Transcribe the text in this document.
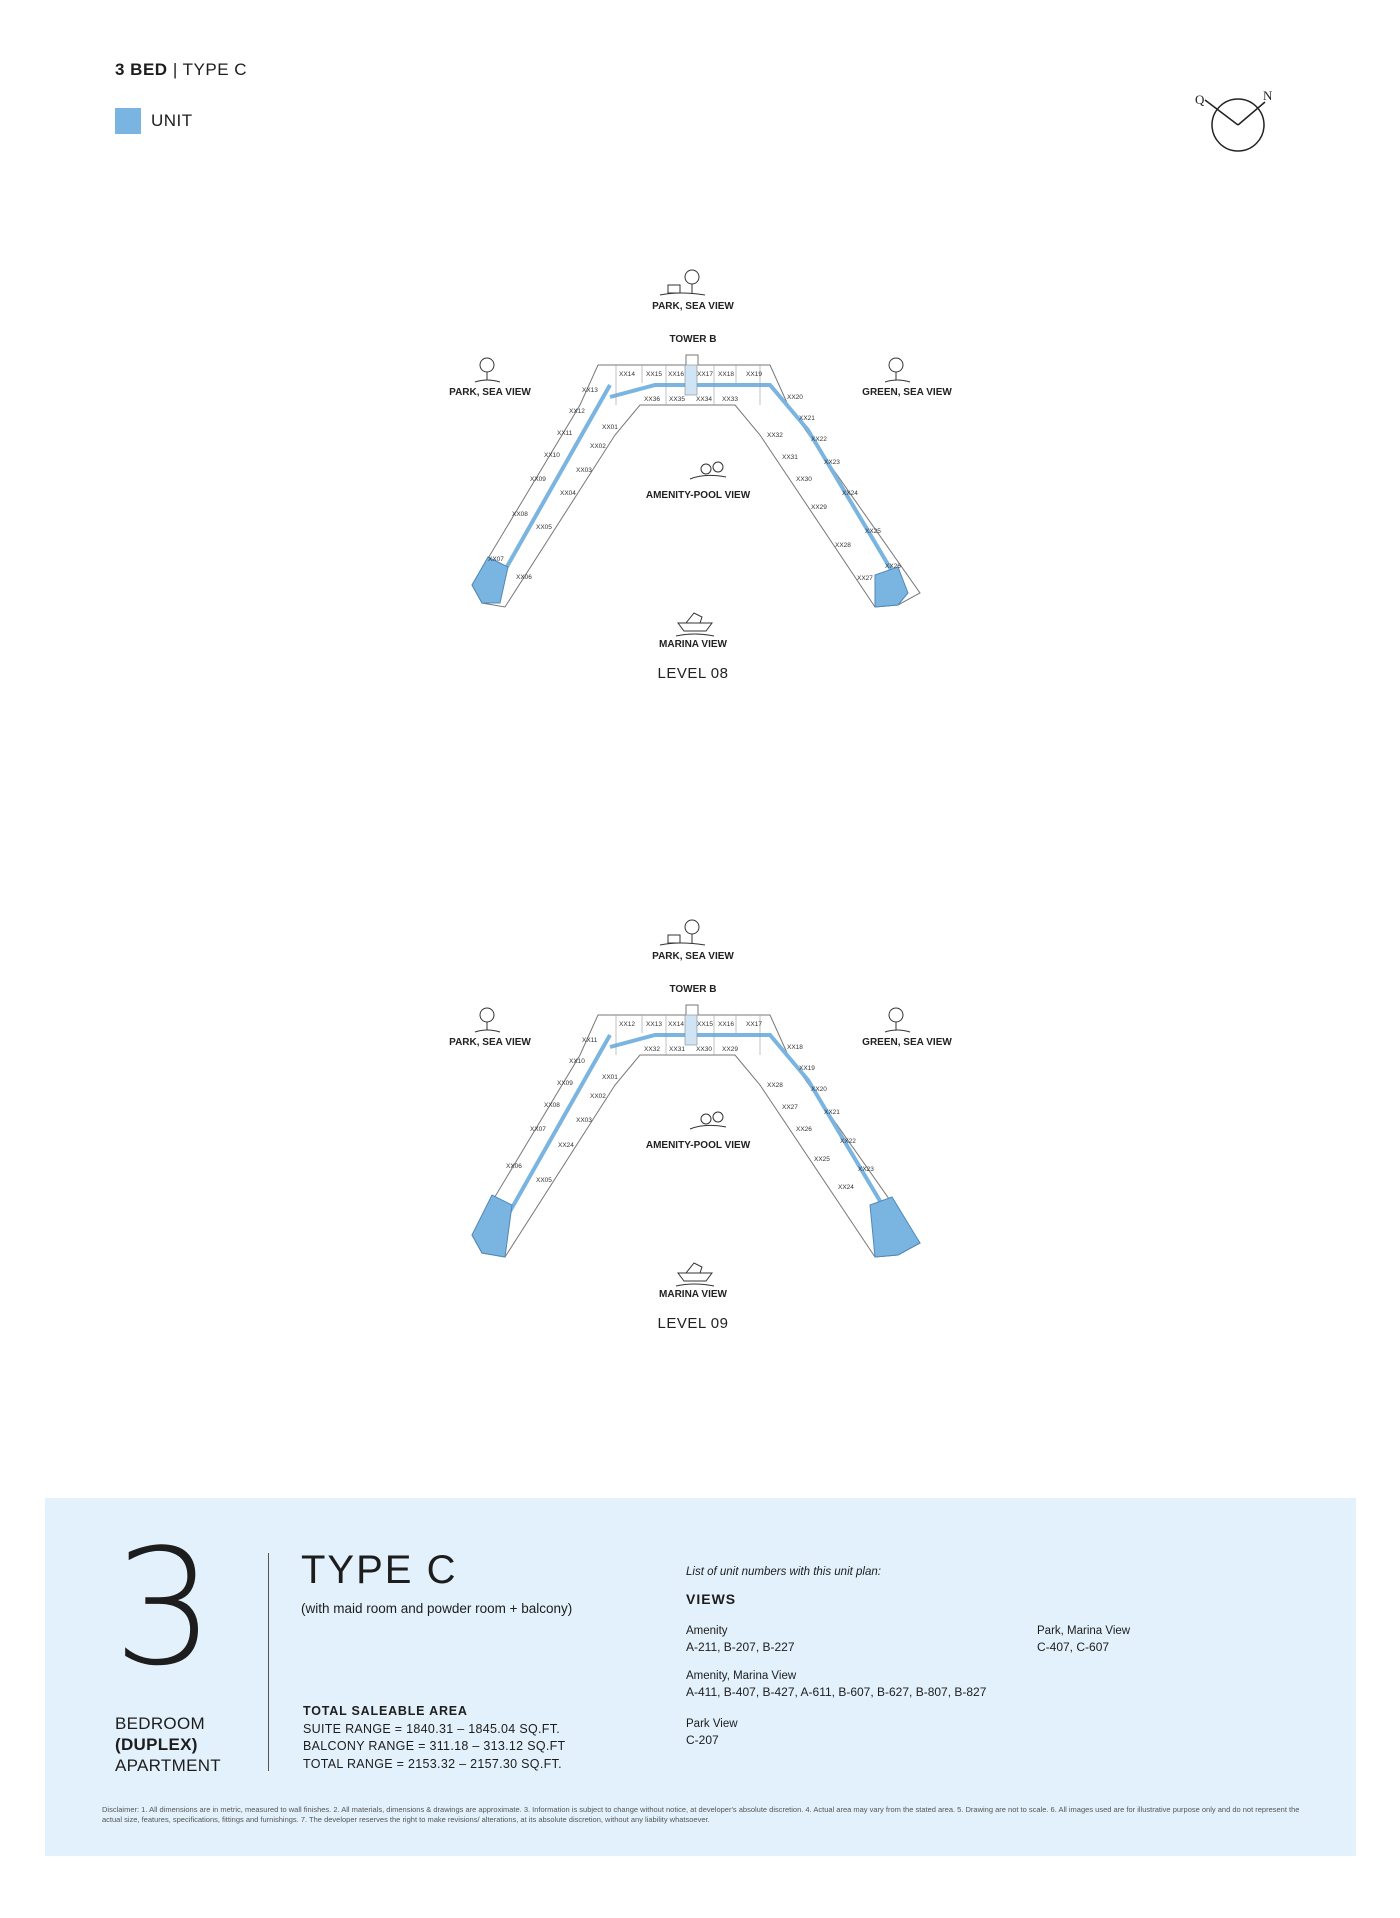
3 BED | TYPE C
UNIT
Q	N
PARK, SEA VIEW
TOWER B
PARK, SEA VIEW	GREEN, SEA VIEW
XX14 XX15 XX16 XX17 XX18 XX19
XX36 XX35 XX34 XX33
XX13
XX12
XX11
XX10
XX09
XX08
XX07
XX01
XX02
XX03
XX04
XX05
XX06
XX20
XX21
XX22
XX23
XX24
XX25
XX26
XX32
XX31
XX30
XX29
XX28
XX27
AMENITY-POOL VIEW
MARINA VIEW
LEVEL 08
PARK, SEA VIEW
TOWER B
PARK, SEA VIEW	GREEN, SEA VIEW
XX12 XX13 XX14 XX15 XX16 XX17
XX32 XX31 XX30 XX29
XX11
XX10
XX09
XX08
XX07
XX06
XX01
XX02
XX03
XX24
XX05
XX18
XX19
XX20
XX21
XX22
XX23
XX28
XX27
XX26
XX25
XX24
AMENITY-POOL VIEW
MARINA VIEW
LEVEL 09
3
BEDROOM
(DUPLEX)
APARTMENT
TYPE C
(with maid room and powder room + balcony)
TOTAL SALEABLE AREA
SUITE RANGE = 1840.31 – 1845.04 SQ.FT.
BALCONY RANGE = 311.18 – 313.12 SQ.FT
TOTAL RANGE = 2153.32 – 2157.30 SQ.FT.
List of unit numbers with this unit plan:
VIEWS
Amenity
A-211, B-207, B-227
Amenity, Marina View
A-411, B-407, B-427, A-611, B-607, B-627, B-807, B-827
Park View
C-207
Park, Marina View
C-407, C-607
Disclaimer: 1. All dimensions are in metric, measured to wall finishes. 2. All materials, dimensions & drawings are approximate. 3. Information is subject to change without notice, at developer's absolute discretion. 4. Actual area may vary from the stated area. 5. Drawing are not to scale. 6. All images used are for illustrative purpose only and do not represent the actual size, features, specifications, fittings and furnishings. 7. The developer reserves the right to make revisions/ alterations, at its absolute discretion, without any liability whatsoever.
